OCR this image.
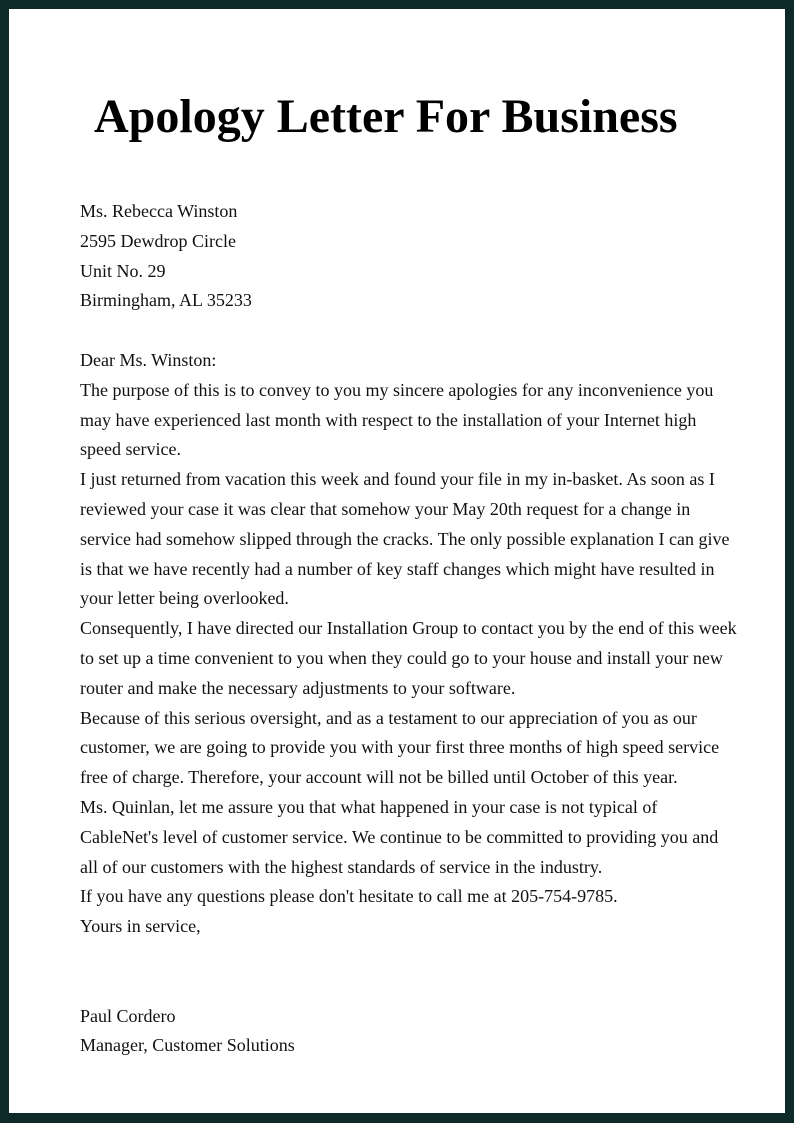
Apology Letter For Business

Ms. Rebecca Winston

2595 Dewdrop Circle

Unit No. 29

Birmingham, AL 35233

Dear Ms. Winston:

The purpose of this is to convey to you my sincere apologies for any inconvenience you may have experienced last month with respect to the installation of your Internet high speed service.

I just returned from vacation this week and found your file in my in-basket. As soon as I reviewed your case it was clear that somehow your May 20th request for a change in service had somehow slipped through the cracks. The only possible explanation I can give is that we have recently had a number of key staff changes which might have resulted in your letter being overlooked.

Consequently, I have directed our Installation Group to contact you by the end of this week to set up a time convenient to you when they could go to your house and install your new router and make the necessary adjustments to your software.

Because of this serious oversight, and as a testament to our appreciation of you as our customer, we are going to provide you with your first three months of high speed service free of charge. Therefore, your account will not be billed until October of this year.

Ms. Quinlan, let me assure you that what happened in your case is not typical of CableNet's level of customer service. We continue to be committed to providing you and all of our customers with the highest standards of service in the industry.

If you have any questions please don't hesitate to call me at 205-754-9785.

Yours in service,

Paul Cordero

Manager, Customer Solutions
